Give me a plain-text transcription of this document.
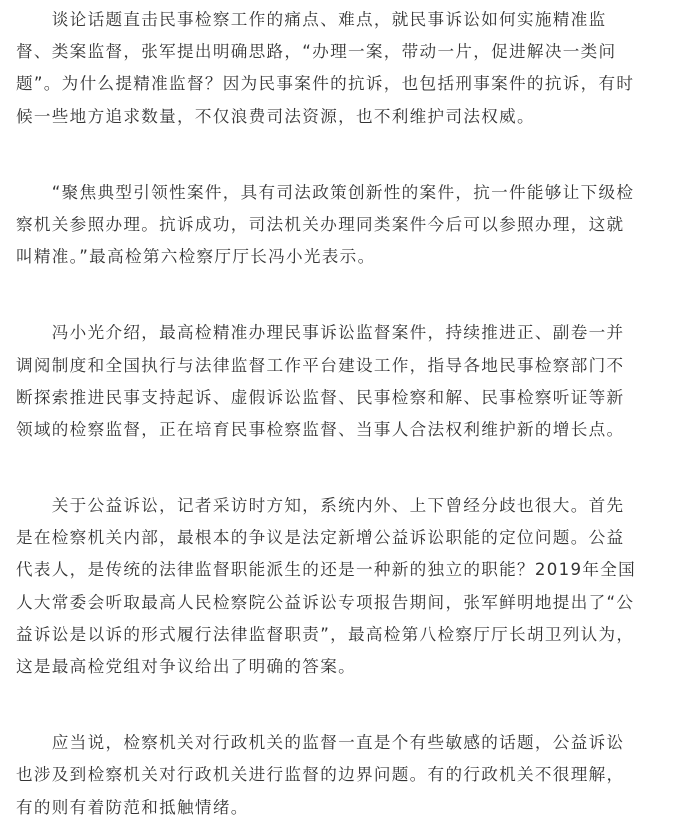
　　谈论话题直击民事检察工作的痛点、难点，就民事诉讼如何实施精准监
督、类案监督，张军提出明确思路，“办理一案，带动一片，促进解决一类问
题”。为什么提精准监督？因为民事案件的抗诉，也包括刑事案件的抗诉，有时
候一些地方追求数量，不仅浪费司法资源，也不利维护司法权威。

　　“聚焦典型引领性案件，具有司法政策创新性的案件，抗一件能够让下级检
察机关参照办理。抗诉成功，司法机关办理同类案件今后可以参照办理，这就
叫精准。”最高检第六检察厅厅长冯小光表示。

　　冯小光介绍，最高检精准办理民事诉讼监督案件，持续推进正、副卷一并
调阅制度和全国执行与法律监督工作平台建设工作，指导各地民事检察部门不
断探索推进民事支持起诉、虚假诉讼监督、民事检察和解、民事检察听证等新
领域的检察监督，正在培育民事检察监督、当事人合法权利维护新的增长点。

　　关于公益诉讼，记者采访时方知，系统内外、上下曾经分歧也很大。首先
是在检察机关内部，最根本的争议是法定新增公益诉讼职能的定位问题。公益
代表人，是传统的法律监督职能派生的还是一种新的独立的职能？2019年全国
人大常委会听取最高人民检察院公益诉讼专项报告期间，张军鲜明地提出了“公
益诉讼是以诉的形式履行法律监督职责”，最高检第八检察厅厅长胡卫列认为，
这是最高检党组对争议给出了明确的答案。

　　应当说，检察机关对行政机关的监督一直是个有些敏感的话题，公益诉讼
也涉及到检察机关对行政机关进行监督的边界问题。有的行政机关不很理解，
有的则有着防范和抵触情绪。
